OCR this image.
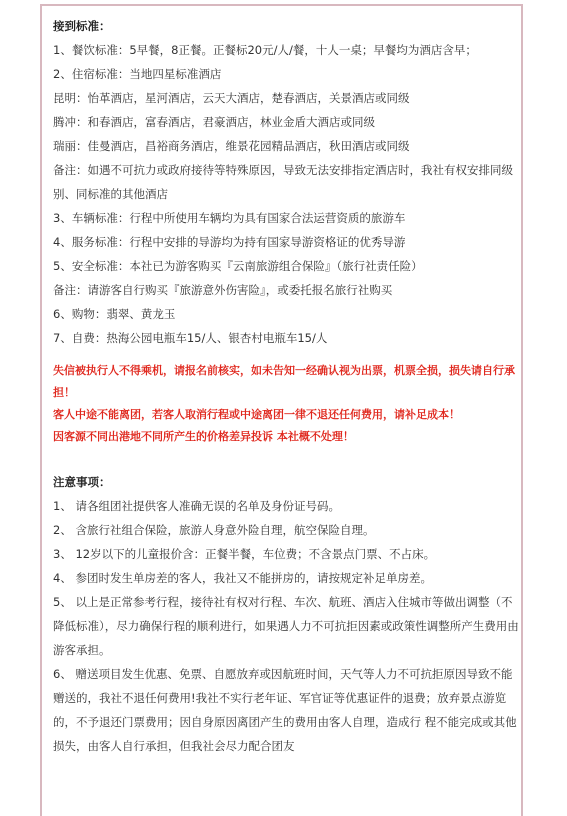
接到标准：
1、餐饮标准：5早餐，8正餐。正餐标20元/人/餐，十人一桌；早餐均为酒店含早；
2、住宿标准：当地四星标准酒店
昆明：怡革酒店，星河酒店，云天大酒店，楚春酒店，关景酒店或同级
腾冲：和春酒店，富春酒店，君豪酒店，林业金盾大酒店或同级
瑞丽：佳曼酒店，昌裕商务酒店，维景花园精品酒店，秋田酒店或同级
备注：如遇不可抗力或政府接待等特殊原因，导致无法安排指定酒店时，我社有权安排同级
别、同标准的其他酒店
3、车辆标准：行程中所使用车辆均为具有国家合法运营资质的旅游车
4、服务标准：行程中安排的导游均为持有国家导游资格证的优秀导游
5、安全标准：本社已为游客购买『云南旅游组合保险』（旅行社责任险）
备注：请游客自行购买『旅游意外伤害险』，或委托报名旅行社购买
6、购物：翡翠、黄龙玉
7、自费：热海公园电瓶车15/人、银杏村电瓶车15/人
失信被执行人不得乘机，请报名前核实，如未告知一经确认视为出票，机票全损，损失请自行承担！
客人中途不能离团，若客人取消行程或中途离团一律不退还任何费用，请补足成本！
因客源不同出港地不同所产生的价格差异投诉 本社概不处理！
注意事项：
1、 请各组团社提供客人准确无误的名单及身份证号码。
2、 含旅行社组合保险，旅游人身意外险自理，航空保险自理。
3、 12岁以下的儿童报价含：正餐半餐，车位费；不含景点门票、不占床。
4、 参团时发生单房差的客人，我社又不能拼房的，请按规定补足单房差。
5、 以上是正常参考行程，接待社有权对行程、车次、航班、酒店入住城市等做出调整（不降低标准），尽力确保行程的顺利进行，如果遇人力不可抗拒因素或政策性调整所产生费用由游客承担。
6、 赠送项目发生优惠、免票、自愿放弃或因航班时间，天气等人力不可抗拒原因导致不能赠送的，我社不退任何费用!我社不实行老年证、军官证等优惠证件的退费；放弃景点游览的，不予退还门票费用；因自身原因离团产生的费用由客人自理，造成行 程不能完成或其他损失，由客人自行承担，但我社会尽力配合团友
